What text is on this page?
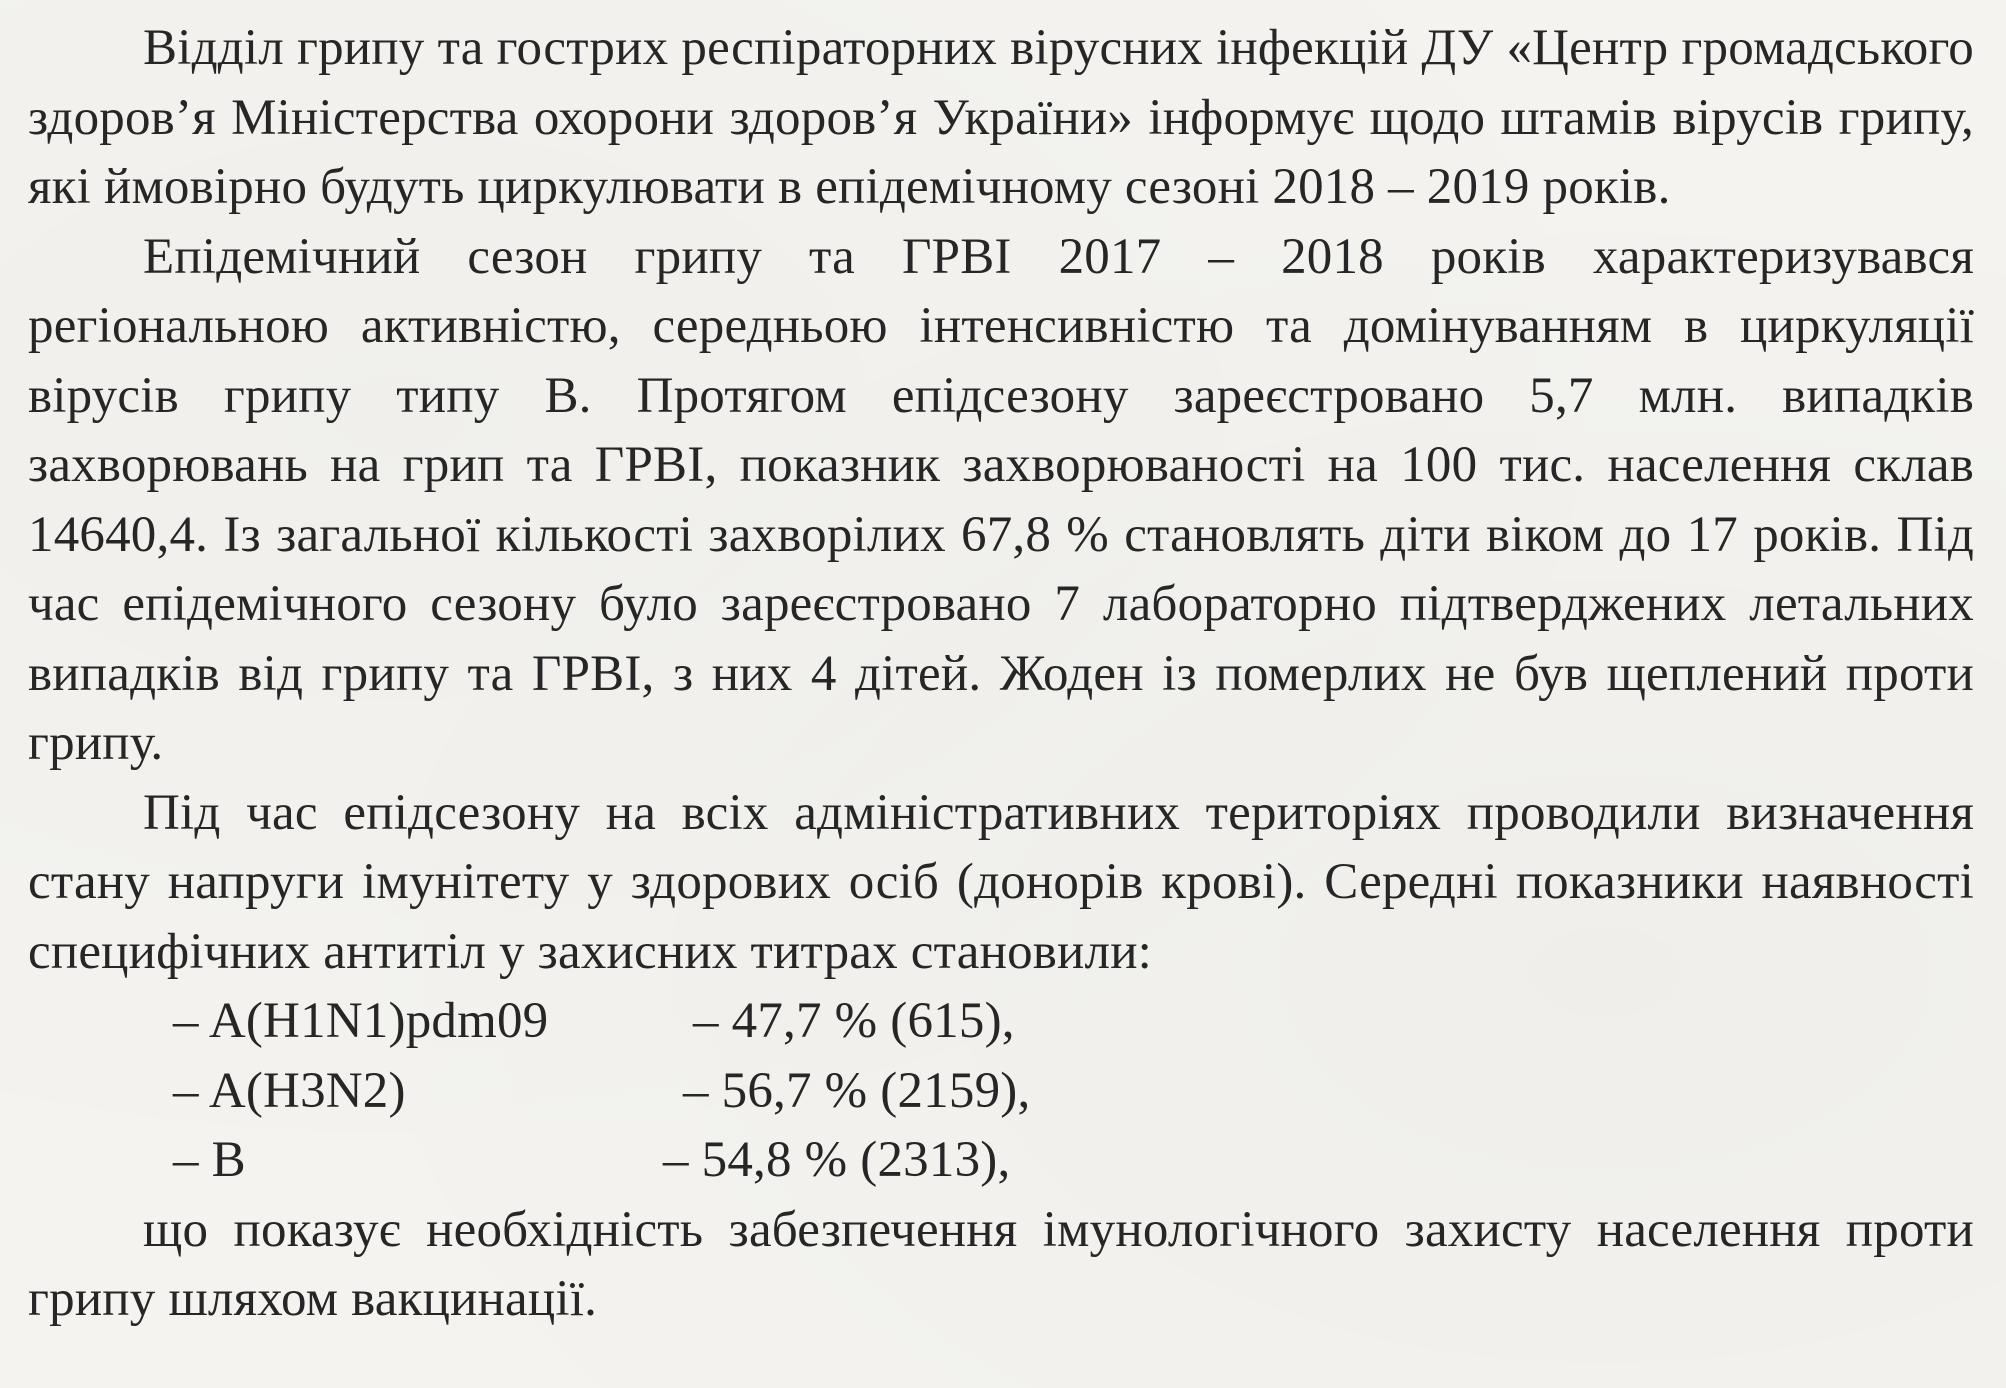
Відділ грипу та гострих респіраторних вірусних інфекцій ДУ «Центр громадського здоров’я Міністерства охорони здоров’я України» інформує щодо штамів вірусів грипу, які ймовірно будуть циркулювати в епідемічному сезоні 2018 – 2019 років.

Епідемічний сезон грипу та ГРВІ 2017 – 2018 років характеризувався регіональною активністю, середньою інтенсивністю та домінуванням в циркуляції вірусів грипу типу В. Протягом епідсезону зареєстровано 5,7 млн. випадків захворювань на грип та ГРВІ, показник захворюваності на 100 тис. населення склав 14640,4. Із загальної кількості захворілих 67,8 % становлять діти віком до 17 років. Під час епідемічного сезону було зареєстровано 7 лабораторно підтверджених летальних випадків від грипу та ГРВІ, з них 4 дітей. Жоден із померлих не був щеплений проти грипу.

Під час епідсезону на всіх адміністративних територіях проводили визначення стану напруги імунітету у здорових осіб (донорів крові). Середні показники наявності специфічних антитіл у захисних титрах становили:

– A(H1N1)pdm09	– 47,7 % (615),
– A(H3N2)	– 56,7 % (2159),
– B	– 54,8 % (2313),

що показує необхідність забезпечення імунологічного захисту населення проти грипу шляхом вакцинації.
